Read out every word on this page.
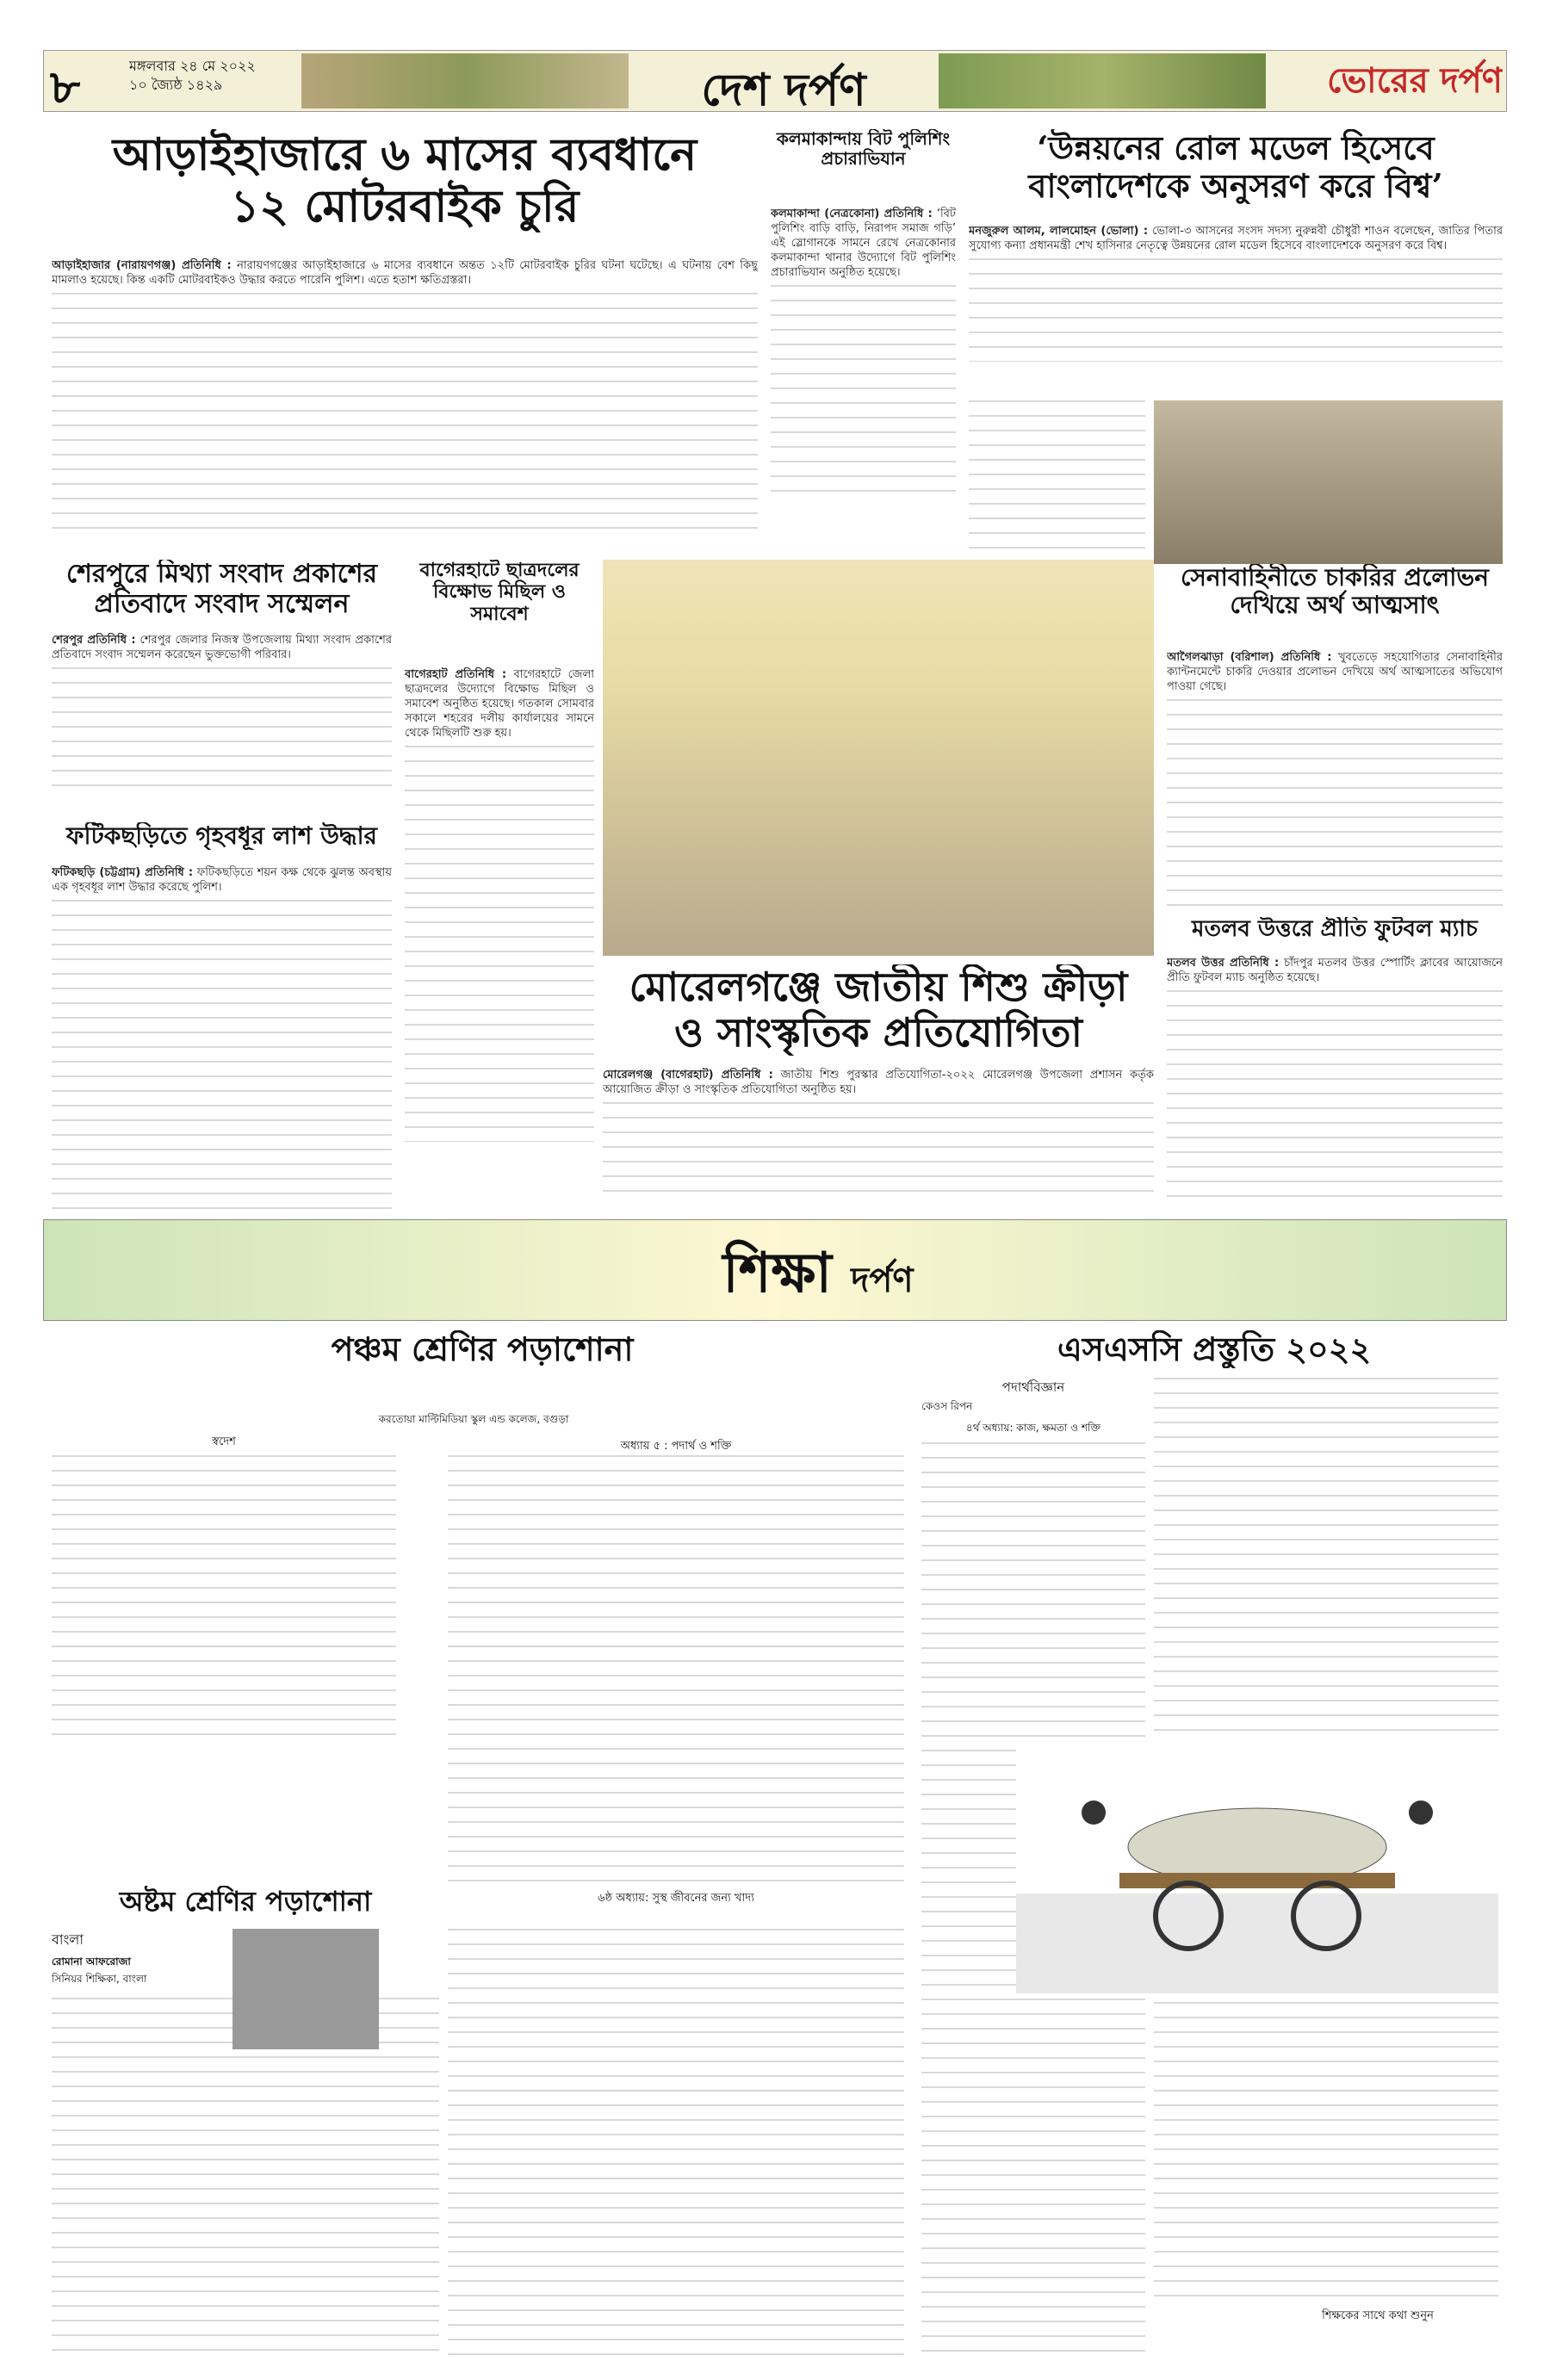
৮	মঙ্গলবার ২৪ মে ২০২২
১০ জ্যৈষ্ঠ ১৪২৯	দেশ দর্পণ	ভোরের দর্পণ
আড়াইহাজারে ৬ মাসের ব্যবধানে
১২ মোটরবাইক চুরি
আড়াইহাজার (নারায়ণগঞ্জ) প্রতিনিধি : নারায়ণগঞ্জের আড়াইহাজারে ৬ মাসের ব্যবধানে অন্তত ১২টি মোটরবাইক চুরির ঘটনা ঘটেছে। এ ঘটনায় বেশ কিছু মামলাও হয়েছে। কিন্ত একটি মোটরবাইকও উদ্ধার করতে পারেনি পুলিশ। এতে হতাশ ক্ষতিগ্রস্তরা।
কলমাকান্দায় বিট পুলিশিং প্রচারাভিযান
কলমাকান্দা (নেত্রকোনা) প্রতিনিধি : ‘বিট পুলিশিং বাড়ি বাড়ি, নিরাপদ সমাজ গড়ি’ এই স্লোগানকে সামনে রেখে নেত্রকোনার কলমাকান্দা থানার উদ্যোগে বিট পুলিশিং প্রচারাভিযান অনুষ্ঠিত হয়েছে।
‘উন্নয়নের রোল মডেল হিসেবে
বাংলাদেশকে অনুসরণ করে বিশ্ব’
মনজুরুল আলম, লালমোহন (ভোলা) : ভোলা-৩ আসনের সংসদ সদস্য নুরুন্নবী চৌধুরী শাওন বলেছেন, জাতির পিতার সুযোগ্য কন্যা প্রধানমন্ত্রী শেখ হাসিনার নেতৃত্বে উন্নয়নের রোল মডেল হিসেবে বাংলাদেশকে অনুসরণ করে বিশ্ব।
শেরপুরে মিথ্যা সংবাদ প্রকাশের
প্রতিবাদে সংবাদ সম্মেলন
শেরপুর প্রতিনিধি : শেরপুর জেলার নিজস্ব উপজেলায় মিথ্যা সংবাদ প্রকাশের প্রতিবাদে সংবাদ সম্মেলন করেছেন ভুক্তভোগী পরিবার।
বাগেরহাটে ছাত্রদলের বিক্ষোভ মিছিল ও সমাবেশ
বাগেরহাট প্রতিনিধি : বাগেরহাটে জেলা ছাত্রদলের উদ্যোগে বিক্ষোভ মিছিল ও সমাবেশ অনুষ্ঠিত হয়েছে। গতকাল সোমবার সকালে শহরের দলীয় কার্যালয়ের সামনে থেকে মিছিলটি শুরু হয়।
সেনাবাহিনীতে চাকরির প্রলোভন দেখিয়ে অর্থ আত্মসাৎ
আগৈলঝাড়া (বরিশাল) প্রতিনিধি : খুবতেড়ে সহযোগিতার সেনাবাহিনীর ক্যান্টনমেন্টে চাকরি দেওয়ার প্রলোভন দেখিয়ে অর্থ আত্মসাতের অভিযোগ পাওয়া গেছে।
ফটিকছড়িতে গৃহবধূর লাশ উদ্ধার
ফটিকছড়ি (চট্টগ্রাম) প্রতিনিধি : ফটিকছড়িতে শয়ন কক্ষ থেকে ঝুলন্ত অবস্থায় এক গৃহবধূর লাশ উদ্ধার করেছে পুলিশ।
মতলব উত্তরে প্রীতি ফুটবল ম্যাচ
মতলব উত্তর প্রতিনিধি : চাঁদপুর মতলব উত্তর স্পোর্টিং ক্লাবের আয়োজনে প্রীতি ফুটবল ম্যাচ অনুষ্ঠিত হয়েছে।
মোরেলগঞ্জে জাতীয় শিশু ক্রীড়া
ও সাংস্কৃতিক প্রতিযোগিতা
মোরেলগঞ্জ (বাগেরহাট) প্রতিনিধি : জাতীয় শিশু পুরস্কার প্রতিযোগিতা-২০২২ মোরেলগঞ্জ উপজেলা প্রশাসন কর্তৃক আয়োজিত ক্রীড়া ও সাংস্কৃতিক প্রতিযোগিতা অনুষ্ঠিত হয়।
শিক্ষা দর্পণ
পঞ্চম শ্রেণির পড়াশোনা
করতোয়া মাল্টিমিডিয়া স্কুল এন্ড কলেজ, বগুড়া
স্বদেশ	অধ্যায় ৫ : পদার্থ ও শক্তি
৬ষ্ঠ অধ্যায়: সুস্থ জীবনের জন্য খাদ্য
অষ্টম শ্রেণির পড়াশোনা
বাংলা
রোমানা আফরোজা
সিনিয়র শিক্ষিকা, বাংলা
এসএসসি প্রস্তুতি ২০২২
পদার্থবিজ্ঞান
কেওস রিপন
৪র্থ অধ্যায়: কাজ, ক্ষমতা ও শক্তি
শিক্ষকের সাথে কথা শুনুন
